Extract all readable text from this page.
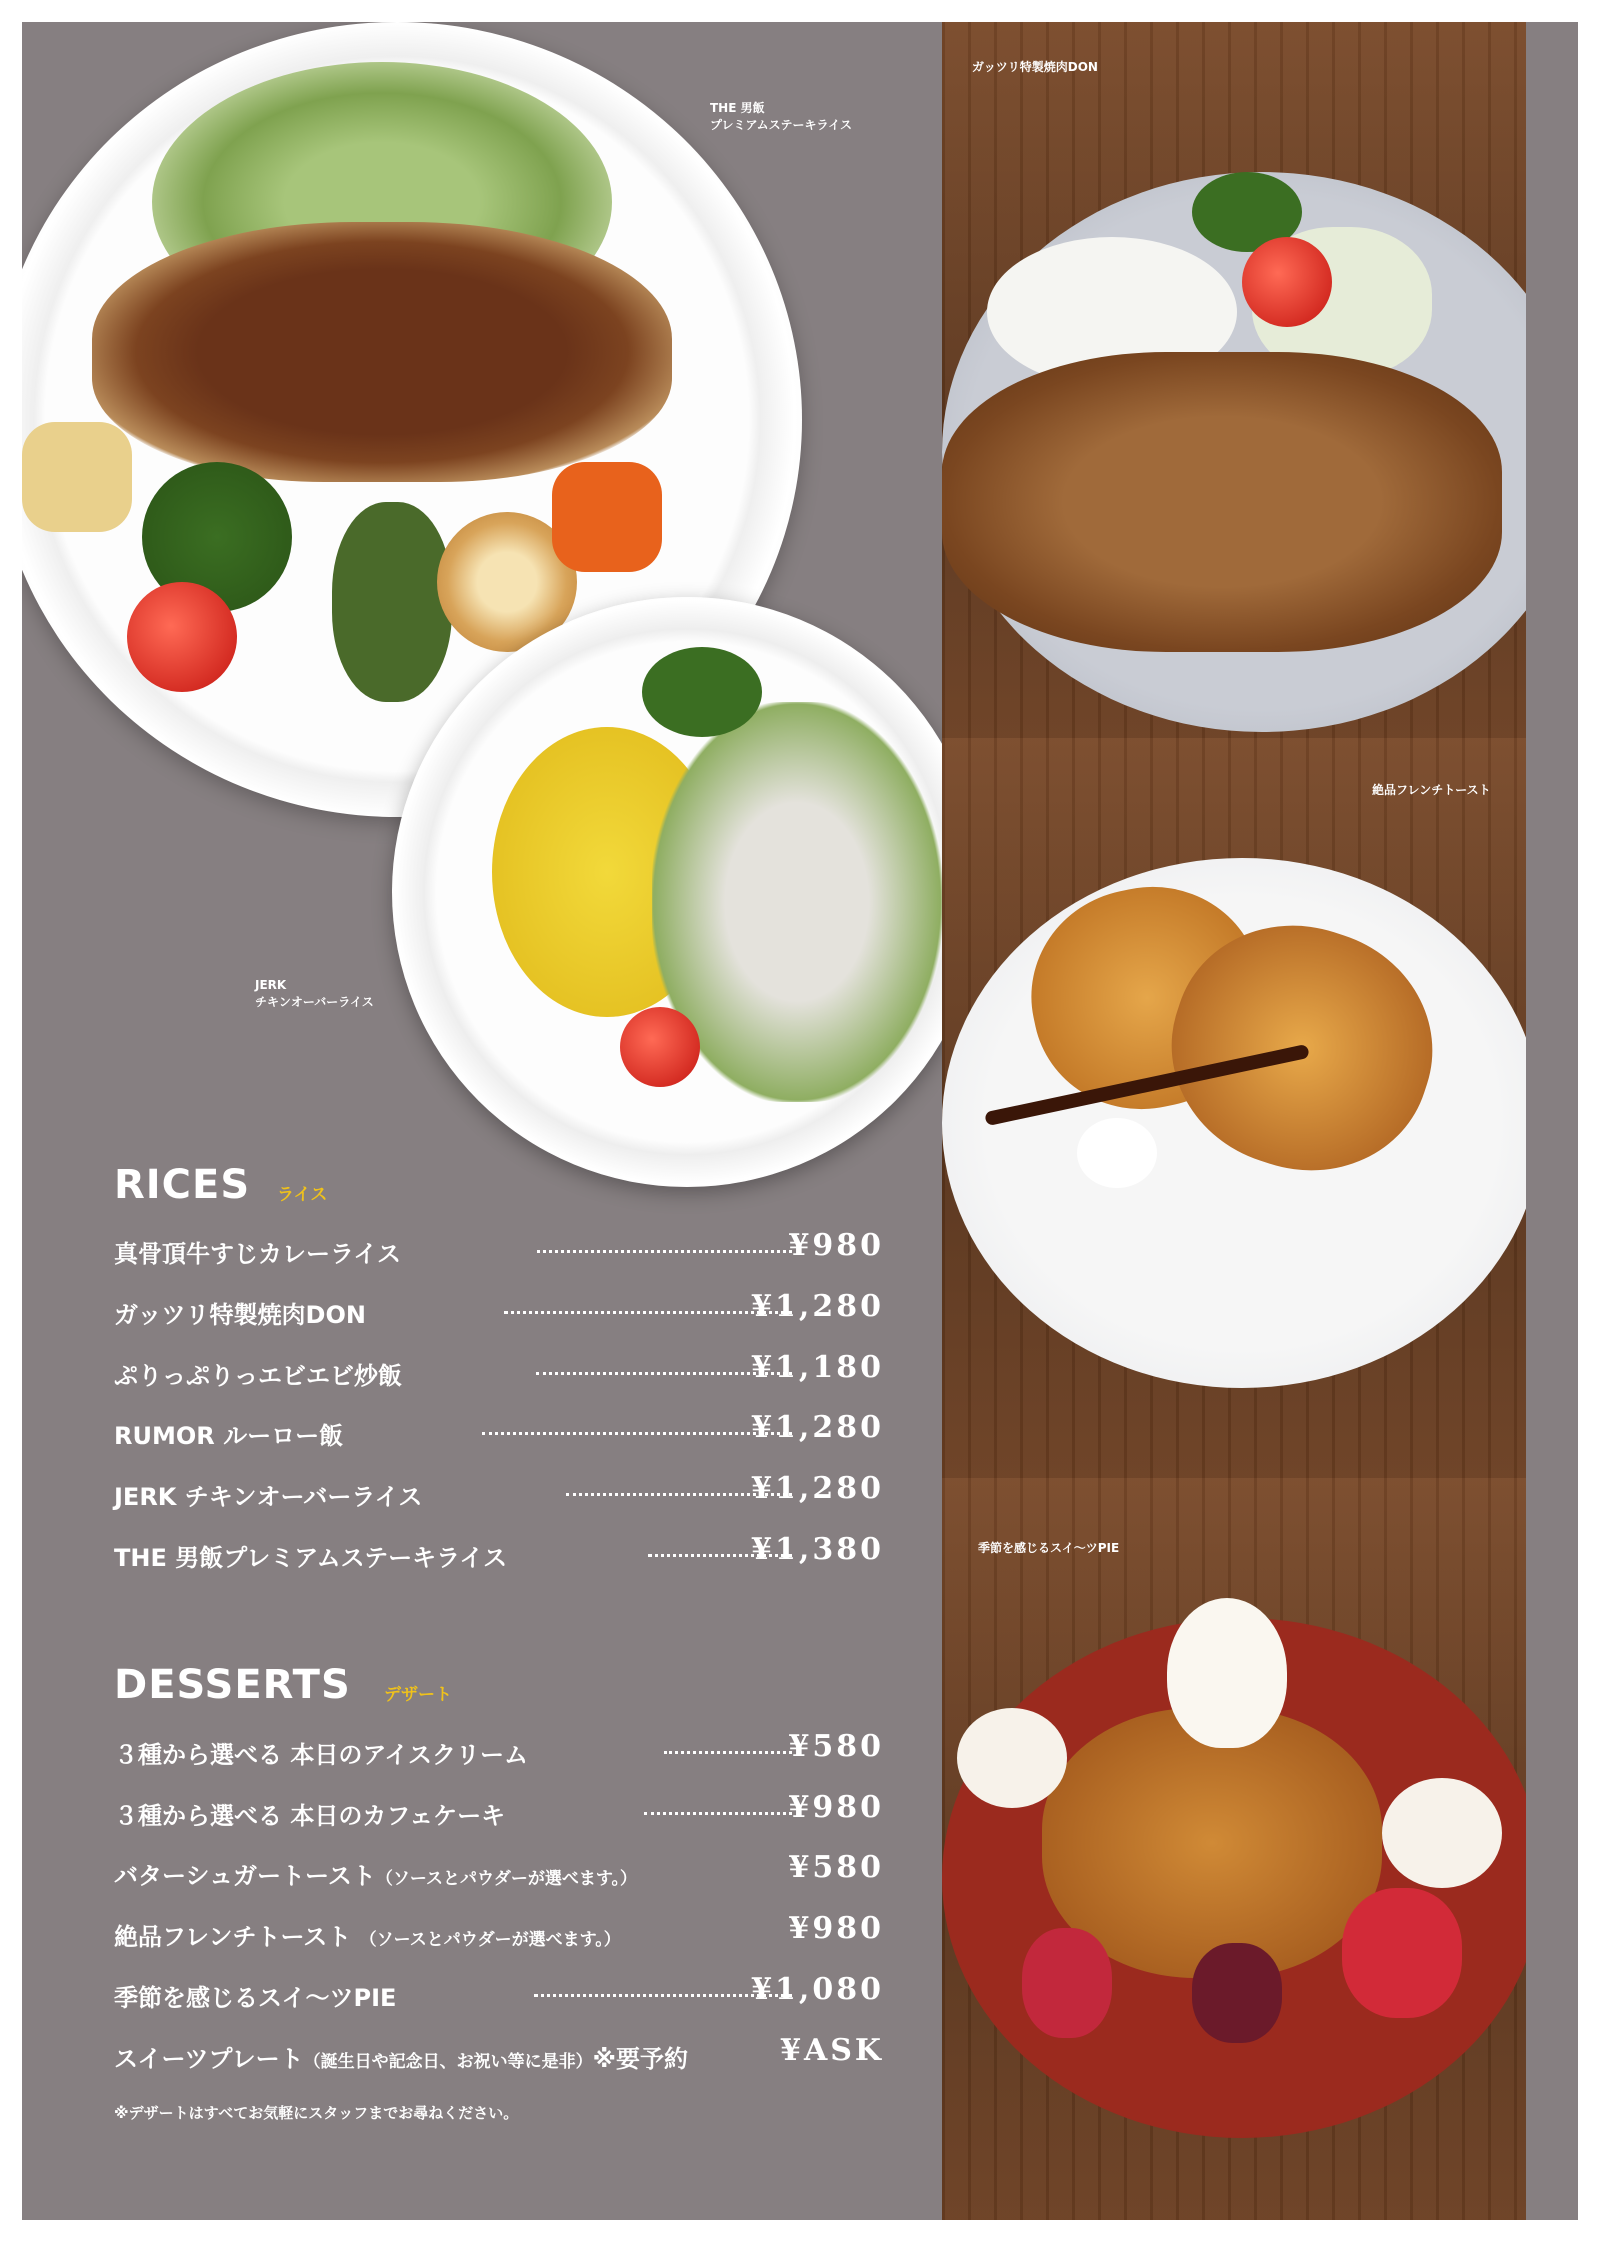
THE 男飯
プレミアムステーキライス
JERK
チキンオーバーライス
ガッツリ特製焼肉DON
絶品フレンチトースト
季節を感じるスイ〜ツPIE
RICES ライス
真骨頂牛すじカレーライス	¥980
ガッツリ特製焼肉DON	¥1,280
ぷりっぷりっエビエビ炒飯	¥1,180
RUMOR ルーロー飯	¥1,280
JERK チキンオーバーライス	¥1,280
THE 男飯プレミアムステーキライス	¥1,380
DESSERTS デザート
３種から選べる 本日のアイスクリーム	¥580
３種から選べる 本日のカフェケーキ	¥980
バターシュガートースト（ソースとパウダーが選べます。）	¥580
絶品フレンチトースト （ソースとパウダーが選べます。）	¥980
季節を感じるスイ〜ツPIE	¥1,080
スイーツプレート（誕生日や記念日、お祝い等に是非）※要予約	¥ASK
※デザートはすべてお気軽にスタッフまでお尋ねください。
